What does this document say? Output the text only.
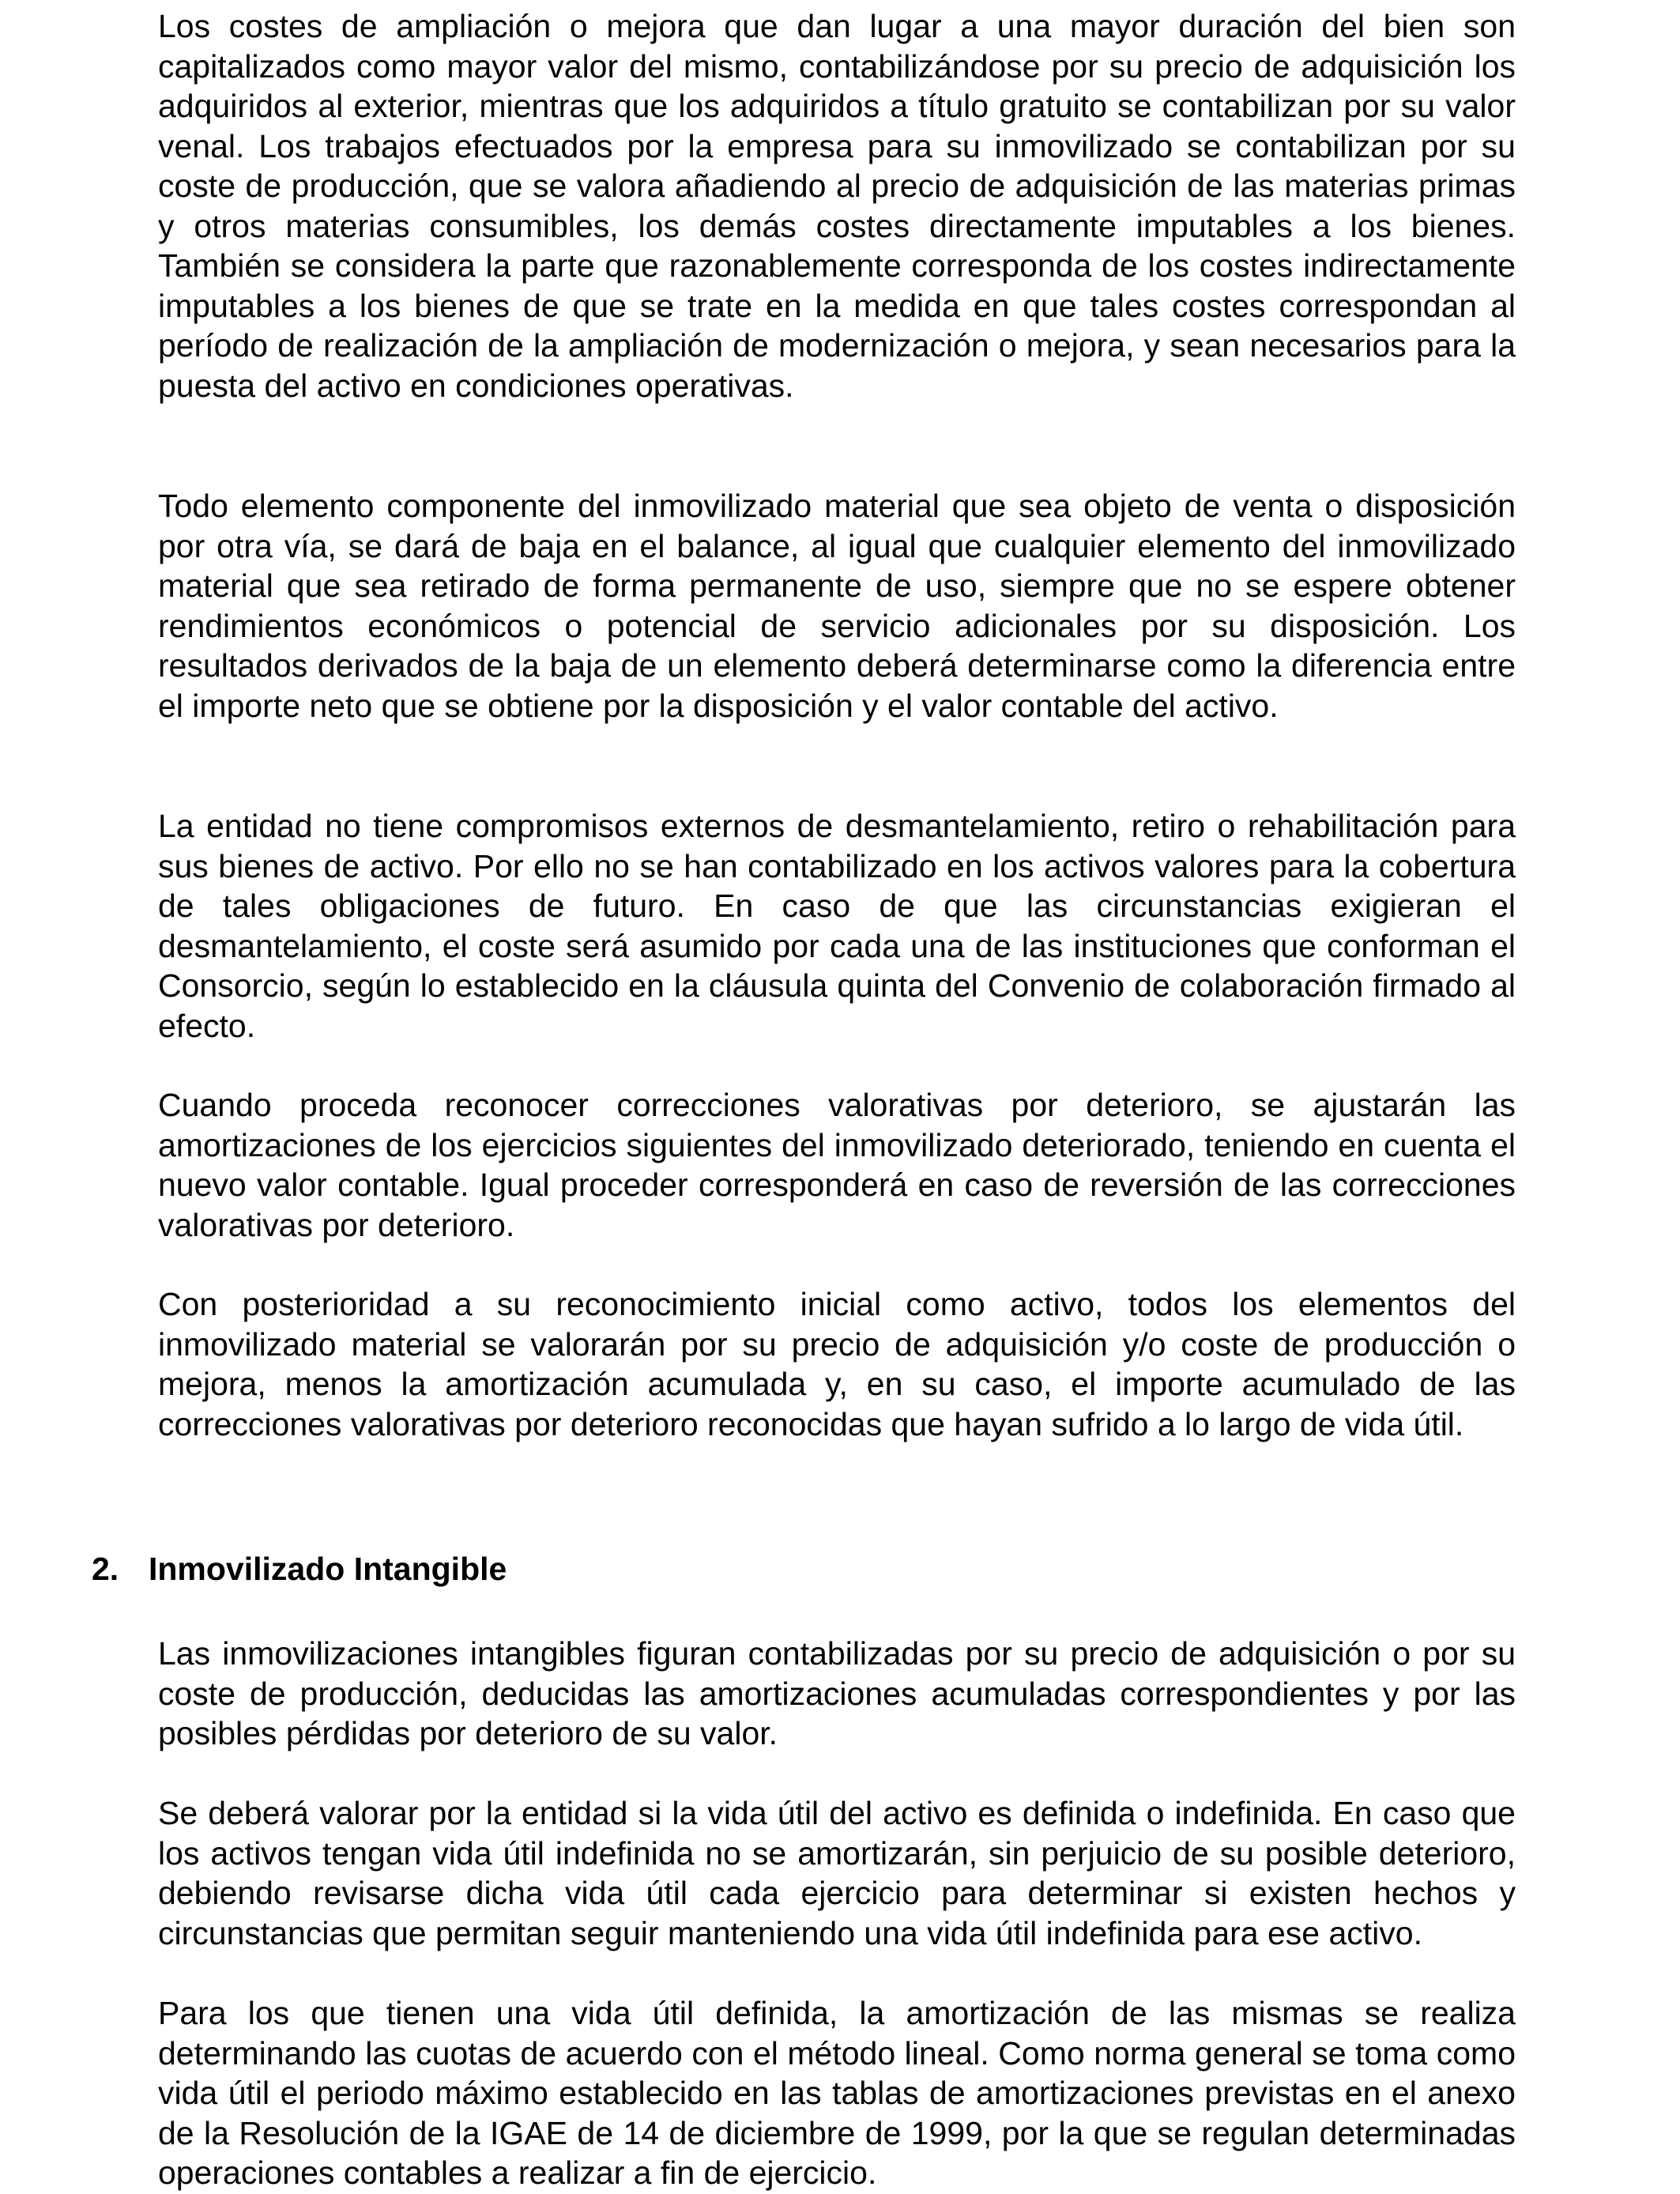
Los costes de ampliación o mejora que dan lugar a una mayor duración del bien son capitalizados como mayor valor del mismo, contabilizándose por su precio de adquisición los adquiridos al exterior, mientras que los adquiridos a título gratuito se contabilizan por su valor venal. Los trabajos efectuados por la empresa para su inmovilizado se contabilizan por su coste de producción, que se valora añadiendo al precio de adquisición de las materias primas y otros materias consumibles, los demás costes directamente imputables a los bienes. También se considera la parte que razonablemente corresponda de los costes indirectamente imputables a los bienes de que se trate en la medida en que tales costes correspondan al período de realización de la ampliación de modernización o mejora, y sean necesarios para la puesta del activo en condiciones operativas.

Todo elemento componente del inmovilizado material que sea objeto de venta o disposición por otra vía, se dará de baja en el balance, al igual que cualquier elemento del inmovilizado material que sea retirado de forma permanente de uso, siempre que no se espere obtener rendimientos económicos o potencial de servicio adicionales por su disposición. Los resultados derivados de la baja de un elemento deberá determinarse como la diferencia entre el importe neto que se obtiene por la disposición y el valor contable del activo.

La entidad no tiene compromisos externos de desmantelamiento, retiro o rehabilitación para sus bienes de activo. Por ello no se han contabilizado en los activos valores para la cobertura de tales obligaciones de futuro. En caso de que las circunstancias exigieran el desmantelamiento, el coste será asumido por cada una de las instituciones que conforman el Consorcio, según lo establecido en la cláusula quinta del Convenio de colaboración firmado al efecto.

Cuando proceda reconocer correcciones valorativas por deterioro, se ajustarán las amortizaciones de los ejercicios siguientes del inmovilizado deteriorado, teniendo en cuenta el nuevo valor contable. Igual proceder corresponderá en caso de reversión de las correcciones valorativas por deterioro.

Con posterioridad a su reconocimiento inicial como activo, todos los elementos del inmovilizado material se valorarán por su precio de adquisición y/o coste de producción o mejora, menos la amortización acumulada y, en su caso, el importe acumulado de las correcciones valorativas por deterioro reconocidas que hayan sufrido a lo largo de vida útil.

2. Inmovilizado Intangible

Las inmovilizaciones intangibles figuran contabilizadas por su precio de adquisición o por su coste de producción, deducidas las amortizaciones acumuladas correspondientes y por las posibles pérdidas por deterioro de su valor.

Se deberá valorar por la entidad si la vida útil del activo es definida o indefinida. En caso que los activos tengan vida útil indefinida no se amortizarán, sin perjuicio de su posible deterioro, debiendo revisarse dicha vida útil cada ejercicio para determinar si existen hechos y circunstancias que permitan seguir manteniendo una vida útil indefinida para ese activo.

Para los que tienen una vida útil definida, la amortización de las mismas se realiza determinando las cuotas de acuerdo con el método lineal. Como norma general se toma como vida útil el periodo máximo establecido en las tablas de amortizaciones previstas en el anexo de la Resolución de la IGAE de 14 de diciembre de 1999, por la que se regulan determinadas operaciones contables a realizar a fin de ejercicio.
